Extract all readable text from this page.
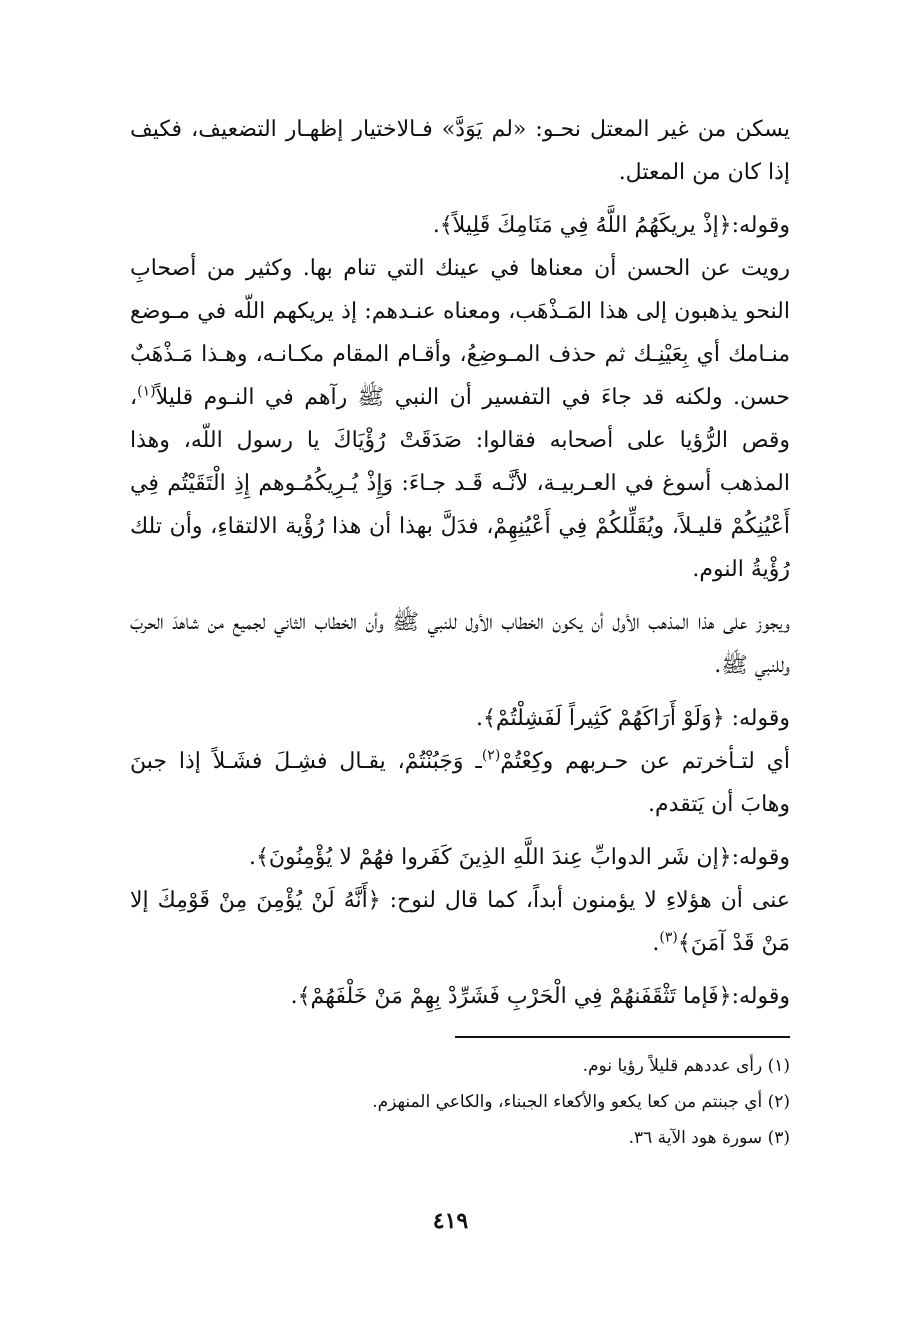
يسكن من غير المعتل نحـو: «لم يَوَدَّ» فـالاختيار إظهـار التضعيف، فكيف إذا كان من المعتل.

وقوله:﴿إذْ يريكَهُمُ اللَّهُ فِي مَنَامِكَ قَلِيلاً﴾.

رويت عن الحسن أن معناها في عينك التي تنام بها. وكثير من أصحابِ النحو يذهبون إلى هذا المَـذْهَب، ومعناه عنـدهم: إذ يريكهم اللّه في مـوضع منـامك أي بِعَيْنِـك ثم حذف المـوضِعُ، وأقـام المقام مكـانـه، وهـذا مَـذْهَبٌ حسن. ولكنه قد جاءَ في التفسير أن النبي ﷺ رآهم في النـوم قليلاً$^{(١)}$، وقص الرُّؤيا على أصحابه فقالوا: صَدَقَتْ رُؤْيَاكَ يا رسول اللّه، وهذا المذهب أسوغ في العـربيـة، لأنَّـه قَـد جـاءَ: وَإِذْ يُـرِيكُمُـوهم إِذِ الْتَقَيْتُم فِي أَعْيُنِكُمْ قليـلاً، ويُقَلِّلكُمْ فِي أَعْيُنِهِمْ، فدَلَّ بهذا أن هذا رُؤْية الالتقاءِ، وأن تلك رُؤْيةُ النوم.

ويجوز على هذا المذهب الأول أن يكون الخطاب الأول للنبي ﷺ وأن الخطاب الثاني لجميع من شاهدَ الحربَ وللنبي ﷺ.

وقوله: ﴿وَلَوْ أَرَاكَهُمْ كَثِيراً لَفَشِلْتُمْ﴾.

أي لتـأخرتم عن حـربهم وكِعْتُمْ$^{(٢)}$ـ وَجَبُنْتُمْ، يقـال فشِـلَ فشَـلاً إذا جبنَ وهابَ أن يَتقدم.

وقوله:﴿إن شَر الدوابِّ عِندَ اللَّهِ الذِينَ كَفَروا فهُمْ لا يُؤْمِنُونَ﴾.

عنى أن هؤلاءِ لا يؤمنون أبداً، كما قال لنوح: ﴿أَنَّهُ لَنْ يُؤْمِنَ مِنْ قَوْمِكَ إلا مَنْ قَدْ آمَنَ﴾$^{(٣)}$.

وقوله:﴿فَإما تَثْقَفَنهُمْ فِي الْحَرْبِ فَشَرِّدْ بِهِمْ مَنْ خَلْفَهُمْ﴾.

(١) رأى عددهم قليلاً رؤيا نوم.

(٢) أي جبنتم من كعا يكعو والأكعاء الجبناء، والكاعي المنهزم.

(٣) سورة هود الآية ٣٦.

٤١٩
